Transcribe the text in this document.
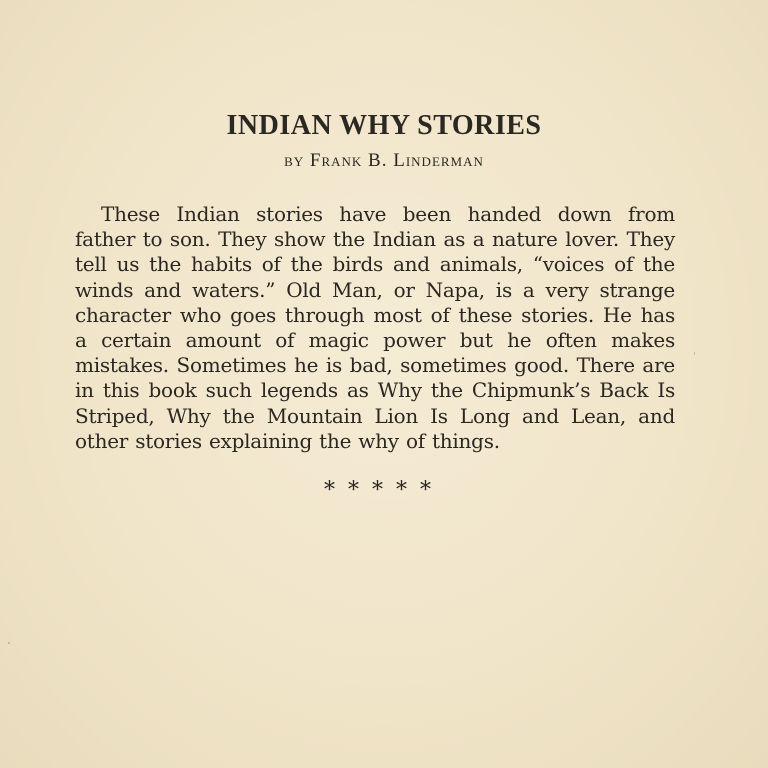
INDIAN WHY STORIES

by Frank B. Linderman

These Indian stories have been handed down from father to son. They show the Indian as a nature lover. They tell us the habits of the birds and animals, “voices of the winds and waters.” Old Man, or Napa, is a very strange character who goes through most of these stories. He has a certain amount of magic power but he often makes mistakes. Sometimes he is bad, sometimes good. There are in this book such legends as Why the Chipmunk’s Back Is Striped, Why the Mountain Lion Is Long and Lean, and other stories explaining the why of things.

*****
